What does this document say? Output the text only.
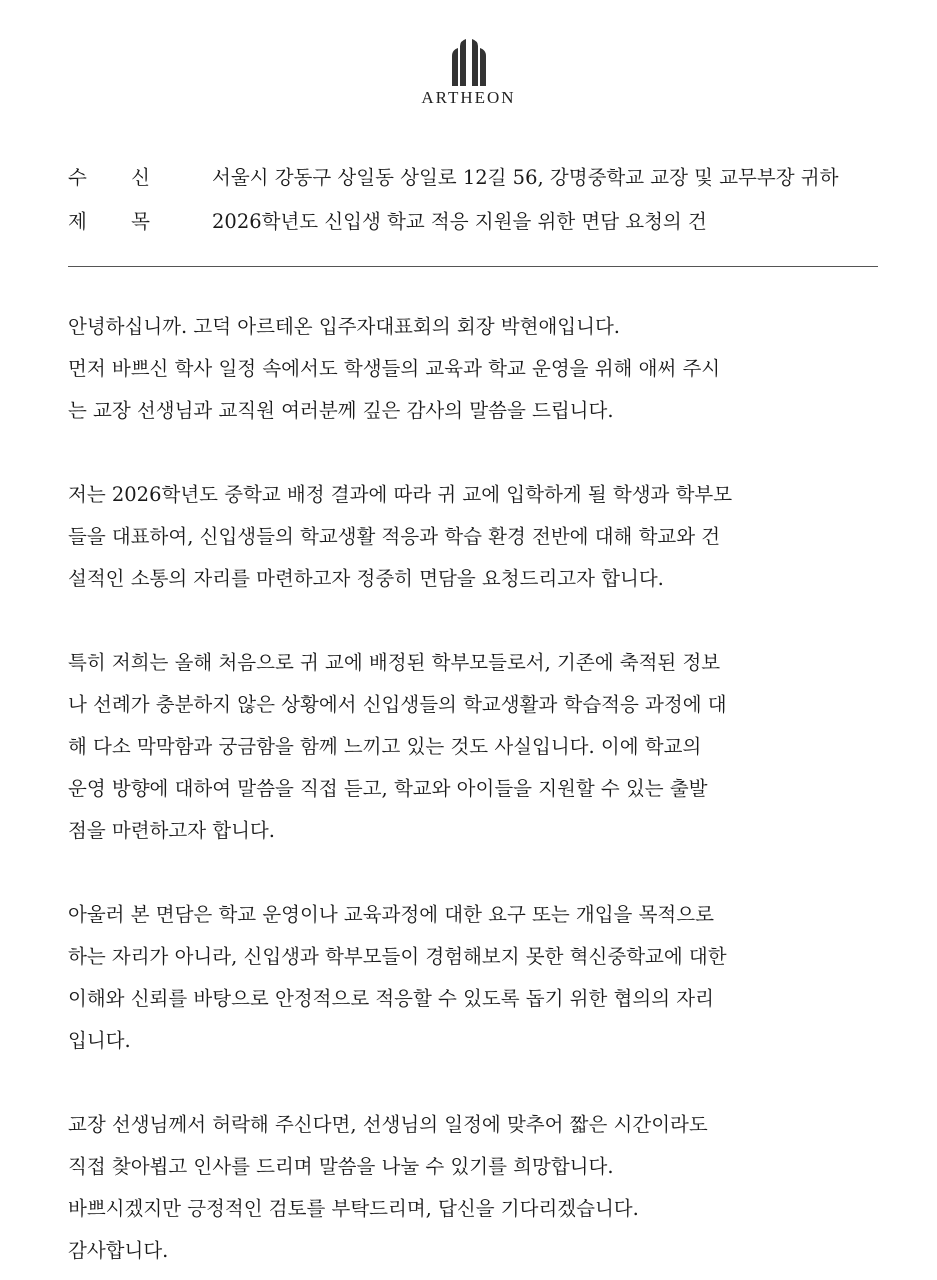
ARTHEON
수 신	서울시 강동구 상일동 상일로 12길 56, 강명중학교 교장 및 교무부장 귀하
제 목	2026학년도 신입생 학교 적응 지원을 위한 면담 요청의 건
안녕하십니까. 고덕 아르테온 입주자대표회의 회장 박현애입니다.
먼저 바쁘신 학사 일정 속에서도 학생들의 교육과 학교 운영을 위해 애써 주시
는 교장 선생님과 교직원 여러분께 깊은 감사의 말씀을 드립니다.
저는 2026학년도 중학교 배정 결과에 따라 귀 교에 입학하게 될 학생과 학부모
들을 대표하여, 신입생들의 학교생활 적응과 학습 환경 전반에 대해 학교와 건
설적인 소통의 자리를 마련하고자 정중히 면담을 요청드리고자 합니다.
특히 저희는 올해 처음으로 귀 교에 배정된 학부모들로서, 기존에 축적된 정보
나 선례가 충분하지 않은 상황에서 신입생들의 학교생활과 학습적응 과정에 대
해 다소 막막함과 궁금함을 함께 느끼고 있는 것도 사실입니다. 이에 학교의
운영 방향에 대하여 말씀을 직접 듣고, 학교와 아이들을 지원할 수 있는 출발
점을 마련하고자 합니다.
아울러 본 면담은 학교 운영이나 교육과정에 대한 요구 또는 개입을 목적으로
하는 자리가 아니라, 신입생과 학부모들이 경험해보지 못한 혁신중학교에 대한
이해와 신뢰를 바탕으로 안정적으로 적응할 수 있도록 돕기 위한 협의의 자리
입니다.
교장 선생님께서 허락해 주신다면, 선생님의 일정에 맞추어 짧은 시간이라도
직접 찾아뵙고 인사를 드리며 말씀을 나눌 수 있기를 희망합니다.
바쁘시겠지만 긍정적인 검토를 부탁드리며, 답신을 기다리겠습니다.
감사합니다.
